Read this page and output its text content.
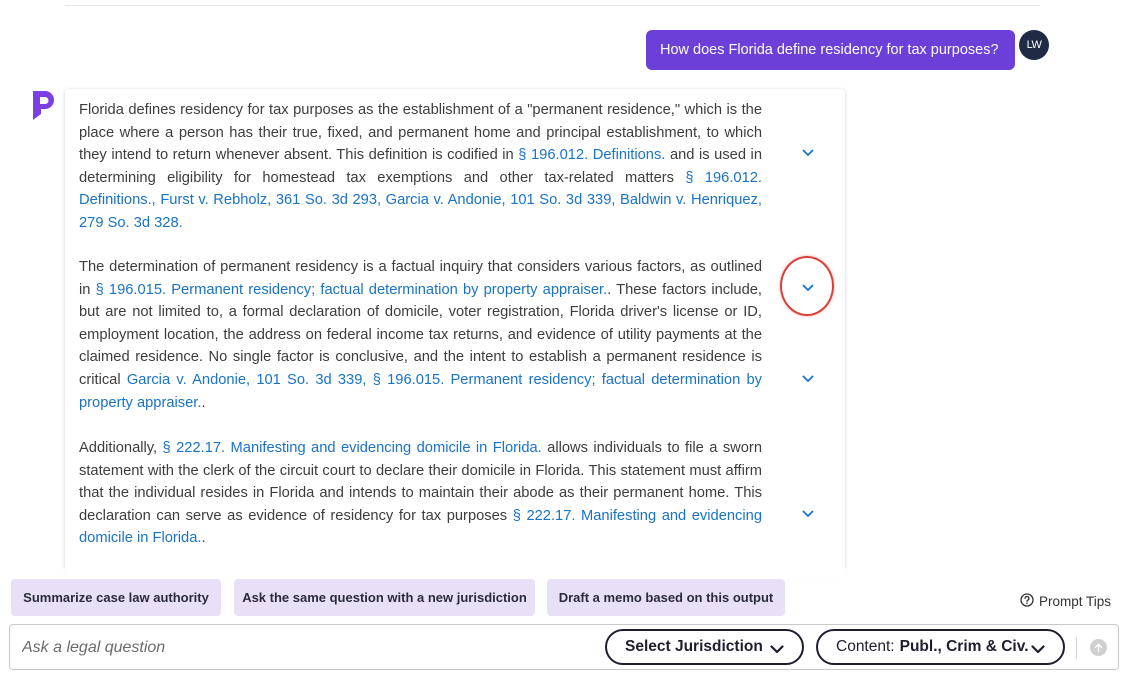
How does Florida define residency for tax purposes?	LW

Florida defines residency for tax purposes as the establishment of a "permanent residence," which is the place where a person has their true, fixed, and permanent home and principal establishment, to which they intend to return whenever absent. This definition is codified in § 196.012. Definitions. and is used in determining eligibility for homestead tax exemptions and other tax-related matters § 196.012. Definitions., Furst v. Rebholz, 361 So. 3d 293, Garcia v. Andonie, 101 So. 3d 339, Baldwin v. Henriquez, 279 So. 3d 328.

The determination of permanent residency is a factual inquiry that considers various factors, as outlined in § 196.015. Permanent residency; factual determination by property appraiser.. These factors include, but are not limited to, a formal declaration of domicile, voter registration, Florida driver's license or ID, employment location, the address on federal income tax returns, and evidence of utility payments at the claimed residence. No single factor is conclusive, and the intent to establish a permanent residence is critical Garcia v. Andonie, 101 So. 3d 339, § 196.015. Permanent residency; factual determination by property appraiser..

Additionally, § 222.17. Manifesting and evidencing domicile in Florida. allows individuals to file a sworn statement with the clerk of the circuit court to declare their domicile in Florida. This statement must affirm that the individual resides in Florida and intends to maintain their abode as their permanent home. This declaration can serve as evidence of residency for tax purposes § 222.17. Manifesting and evidencing domicile in Florida..

Summarize case law authority	Ask the same question with a new jurisdiction	Draft a memo based on this output	Prompt Tips
Ask a legal question
Select Jurisdiction	Content: Publ., Crim & Civ.
